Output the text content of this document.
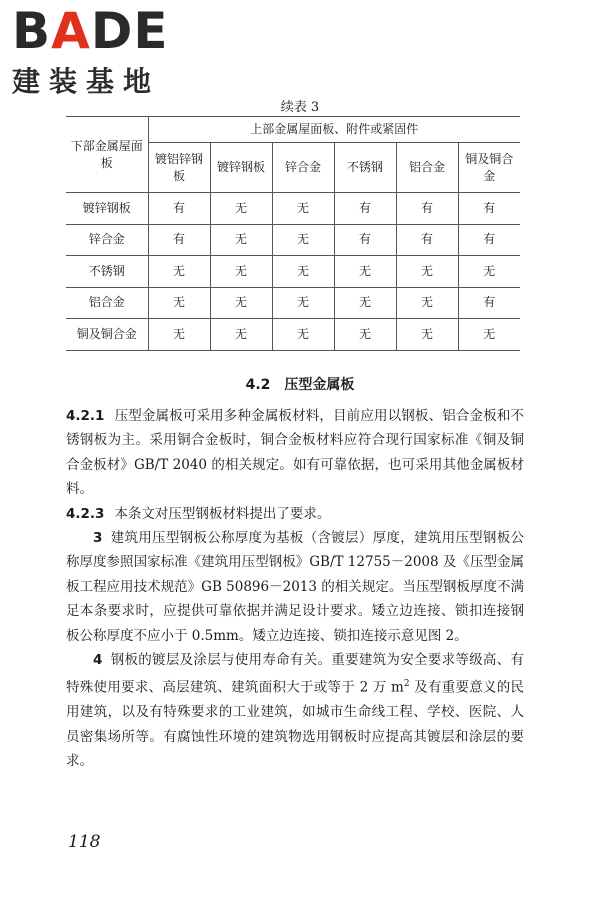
B A DE
建装基地
续表 3
下部金属屋面板	上部金属屋面板、附件或紧固件					
	镀铝锌钢板	镀锌钢板	锌合金	不锈钢	铝合金	铜及铜合金
镀锌钢板	有	无	无	有	有	有
锌合金	有	无	无	有	有	有
不锈钢	无	无	无	无	无	无
铝合金	无	无	无	无	无	有
铜及铜合金	无	无	无	无	无	无
4.2 压型金属板

4.2.1 压型金属板可采用多种金属板材料，目前应用以钢板、铝合金板和不锈钢板为主。采用铜合金板时，铜合金板材料应符合现行国家标准《铜及铜合金板材》GB/T 2040 的相关规定。如有可靠依据，也可采用其他金属板材料。

4.2.3 本条文对压型钢板材料提出了要求。

3 建筑用压型钢板公称厚度为基板（含镀层）厚度，建筑用压型钢板公称厚度参照国家标准《建筑用压型钢板》GB/T 12755－2008 及《压型金属板工程应用技术规范》GB 50896－2013 的相关规定。当压型钢板厚度不满足本条要求时，应提供可靠依据并满足设计要求。矮立边连接、锁扣连接钢板公称厚度不应小于 0.5mm。矮立边连接、锁扣连接示意见图 2。

4 钢板的镀层及涂层与使用寿命有关。重要建筑为安全要求等级高、有特殊使用要求、高层建筑、建筑面积大于或等于 2 万 $m^2$ 及有重要意义的民用建筑，以及有特殊要求的工业建筑，如城市生命线工程、学校、医院、人员密集场所等。有腐蚀性环境的建筑物选用钢板时应提高其镀层和涂层的要求。

118
